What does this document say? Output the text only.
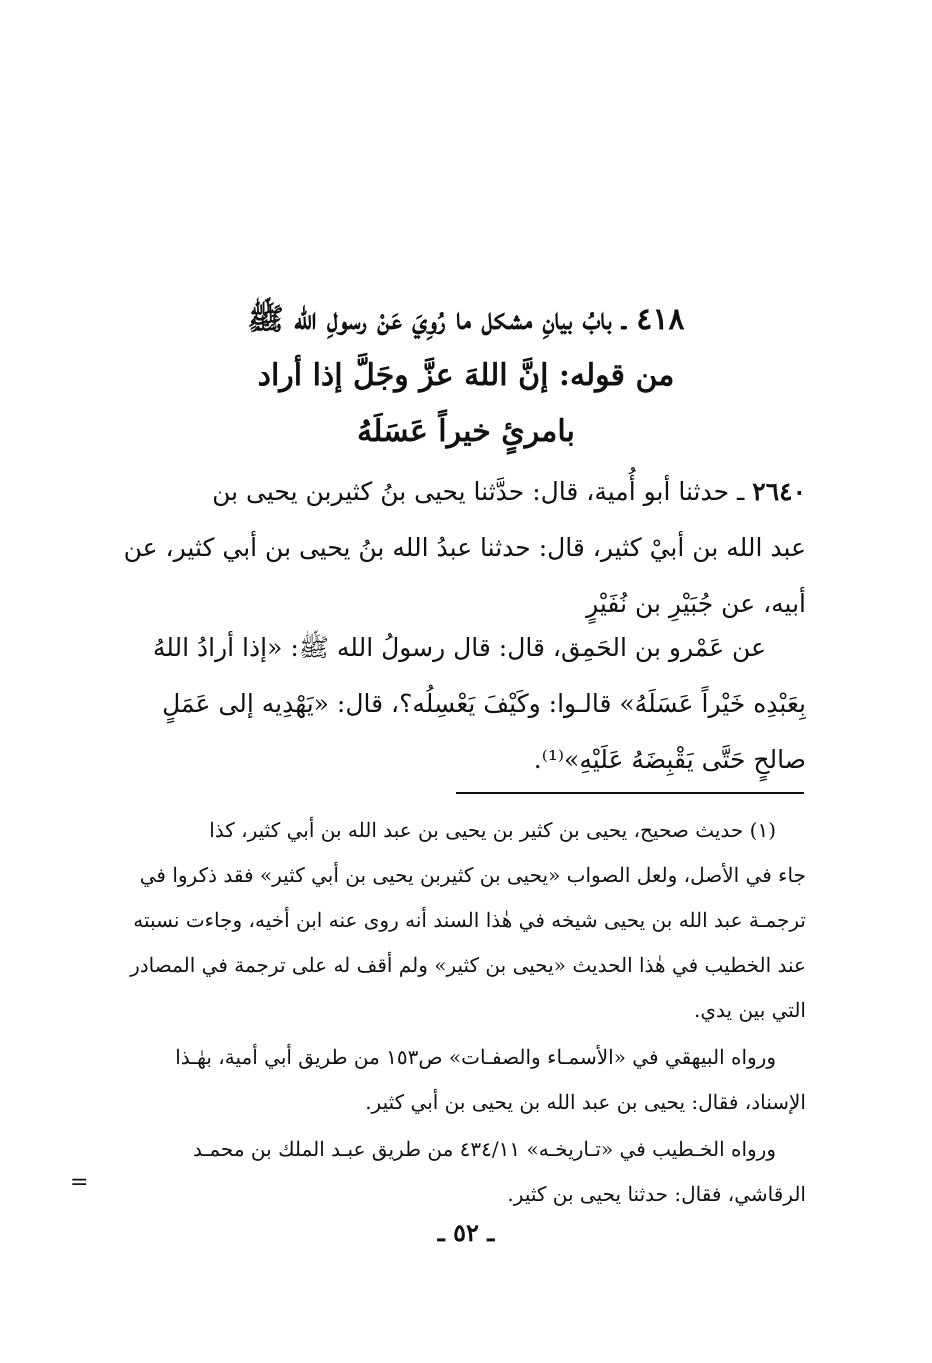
٤١٨ ـ بابُ بيانِ مشكل ما رُوِيَ عَنْ رسولِ الله ﷺ
من قوله: إنَّ اللهَ عزَّ وجَلَّ إذا أراد
بامرئٍ خيراً عَسَلَهُ

٢٦٤٠ ـ حدثنا أبو أُمية، قال: حدَّثنا يحيى بنُ كثيربن يحيى بن

عبد الله بن أبيْ كثير، قال: حدثنا عبدُ الله بنُ يحيى بن أبي كثير، عن

أبيه، عن جُبَيْرِ بن نُفَيْرٍ

عن عَمْرو بن الحَمِق، قال: قال رسولُ الله ﷺ: «إذا أرادُ اللهُ

بِعَبْدِه خَيْراً عَسَلَهُ» قالـوا: وكَيْفَ يَعْسِلُه؟، قال: «يَهْدِيه إلى عَمَلٍ

صالحٍ حَتَّى يَقْبِضَهُ عَلَيْهِ»⁽¹⁾.

(١) حديث صحيح، يحيى بن كثير بن يحيى بن عبد الله بن أبي كثير، كذا

جاء في الأصل، ولعل الصواب «يحيى بن كثيربن يحيى بن أبي كثير» فقد ذكروا في

ترجمـة عبد الله بن يحيى شيخه في هٰذا السند أنه روى عنه ابن أخيه، وجاءت نسبته

عند الخطيب في هٰذا الحديث «يحيى بن كثير» ولم أقف له على ترجمة في المصادر

التي بين يدي.

ورواه البيهقي في «الأسمـاء والصفـات» ص١٥٣ من طريق أبي أمية، بهٰـذا

الإسناد، فقال: يحيى بن عبد الله بن يحيى بن أبي كثير.

ورواه الخـطيب في «تـاريخـه» ٤٣٤/١١ من طريق عبـد الملك بن محمـد

الرقاشي، فقال: حدثنا يحيى بن كثير.

=
ـ ٥٢ ـ
